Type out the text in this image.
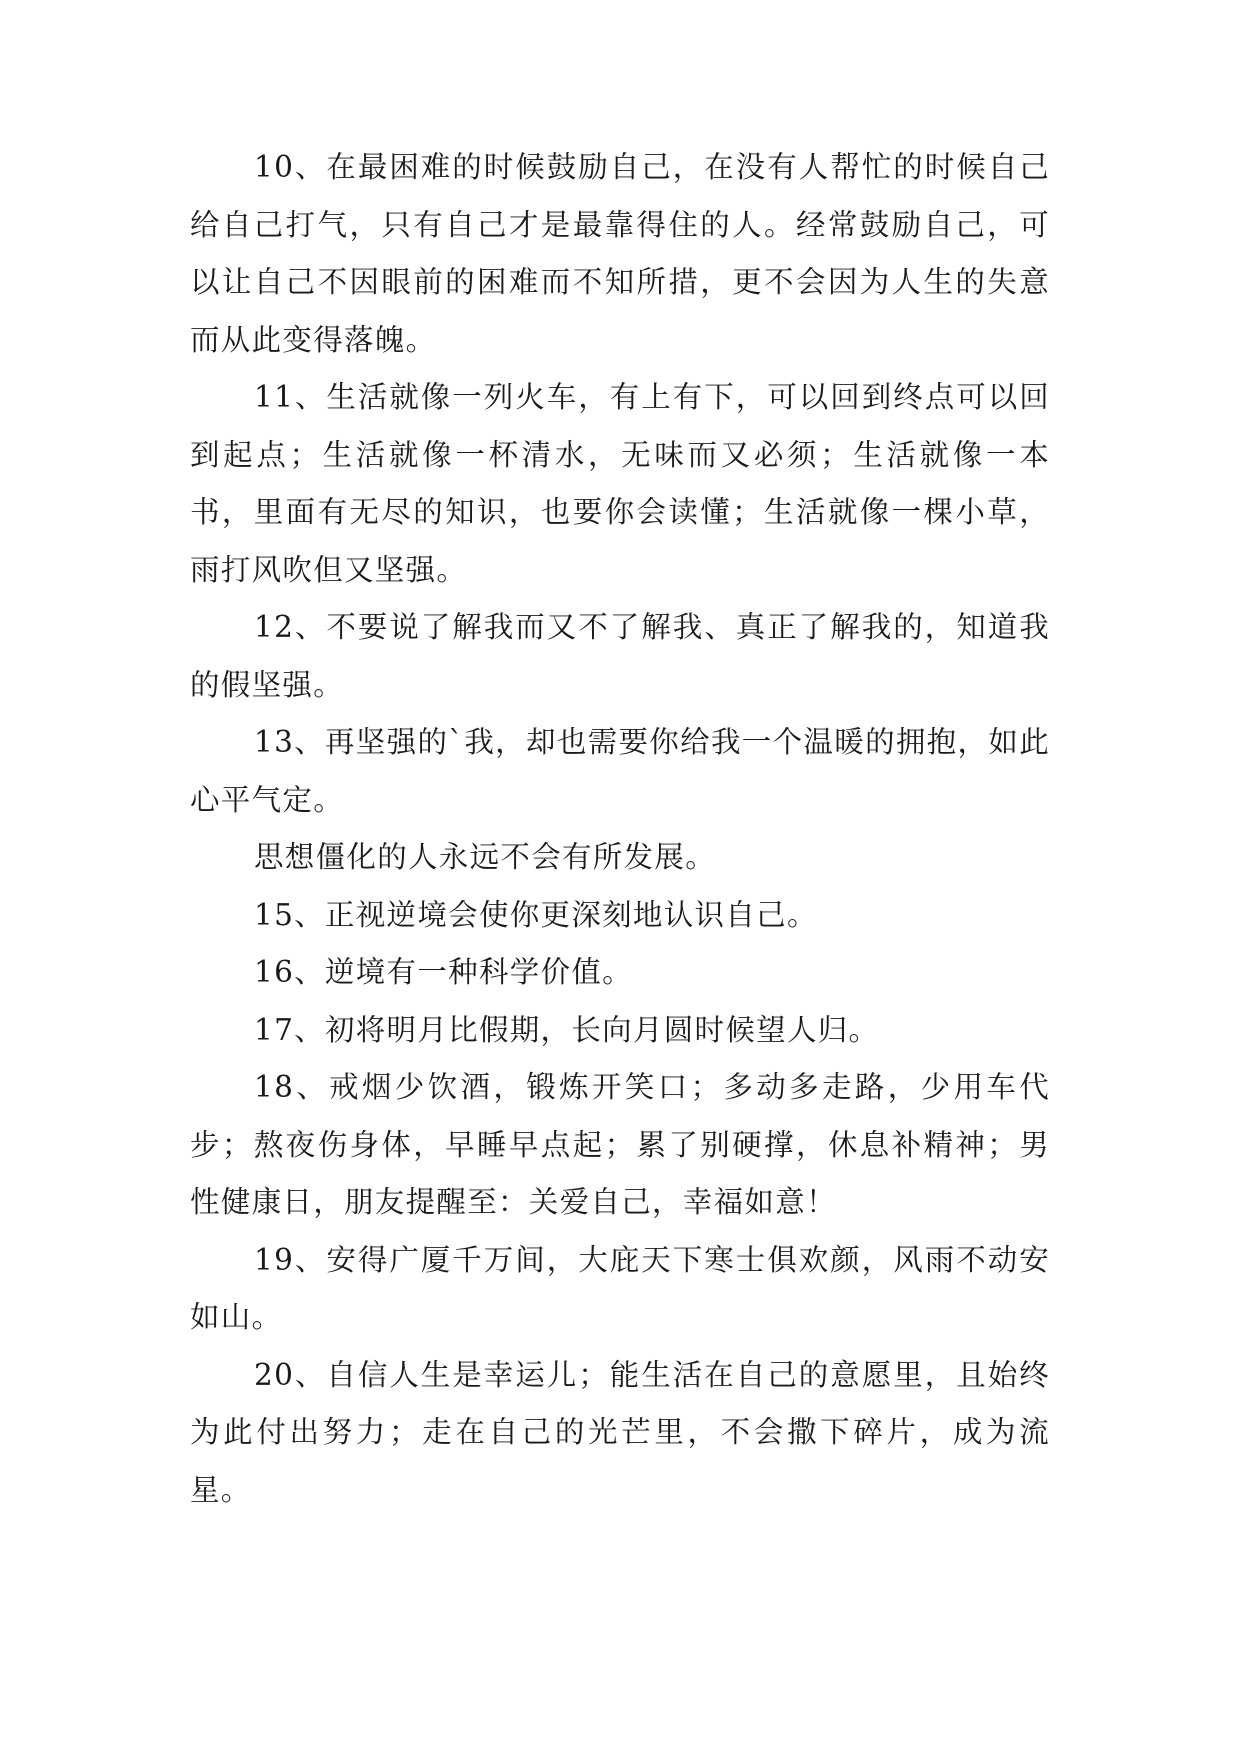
10、在最困难的时候鼓励自己，在没有人帮忙的时候自己给自己打气，只有自己才是最靠得住的人。经常鼓励自己，可以让自己不因眼前的困难而不知所措，更不会因为人生的失意而从此变得落魄。

11、生活就像一列火车，有上有下，可以回到终点可以回到起点；生活就像一杯清水，无味而又必须；生活就像一本书，里面有无尽的知识，也要你会读懂；生活就像一棵小草，雨打风吹但又坚强。

12、不要说了解我而又不了解我、真正了解我的，知道我的假坚强。

13、再坚强的`我，却也需要你给我一个温暖的拥抱，如此心平气定。

思想僵化的人永远不会有所发展。

15、正视逆境会使你更深刻地认识自己。

16、逆境有一种科学价值。

17、初将明月比假期，长向月圆时候望人归。

18、戒烟少饮酒，锻炼开笑口；多动多走路，少用车代步；熬夜伤身体，早睡早点起；累了别硬撑，休息补精神；男性健康日，朋友提醒至：关爱自己，幸福如意！

19、安得广厦千万间，大庇天下寒士俱欢颜，风雨不动安如山。

20、自信人生是幸运儿；能生活在自己的意愿里，且始终为此付出努力；走在自己的光芒里，不会撒下碎片，成为流星。
